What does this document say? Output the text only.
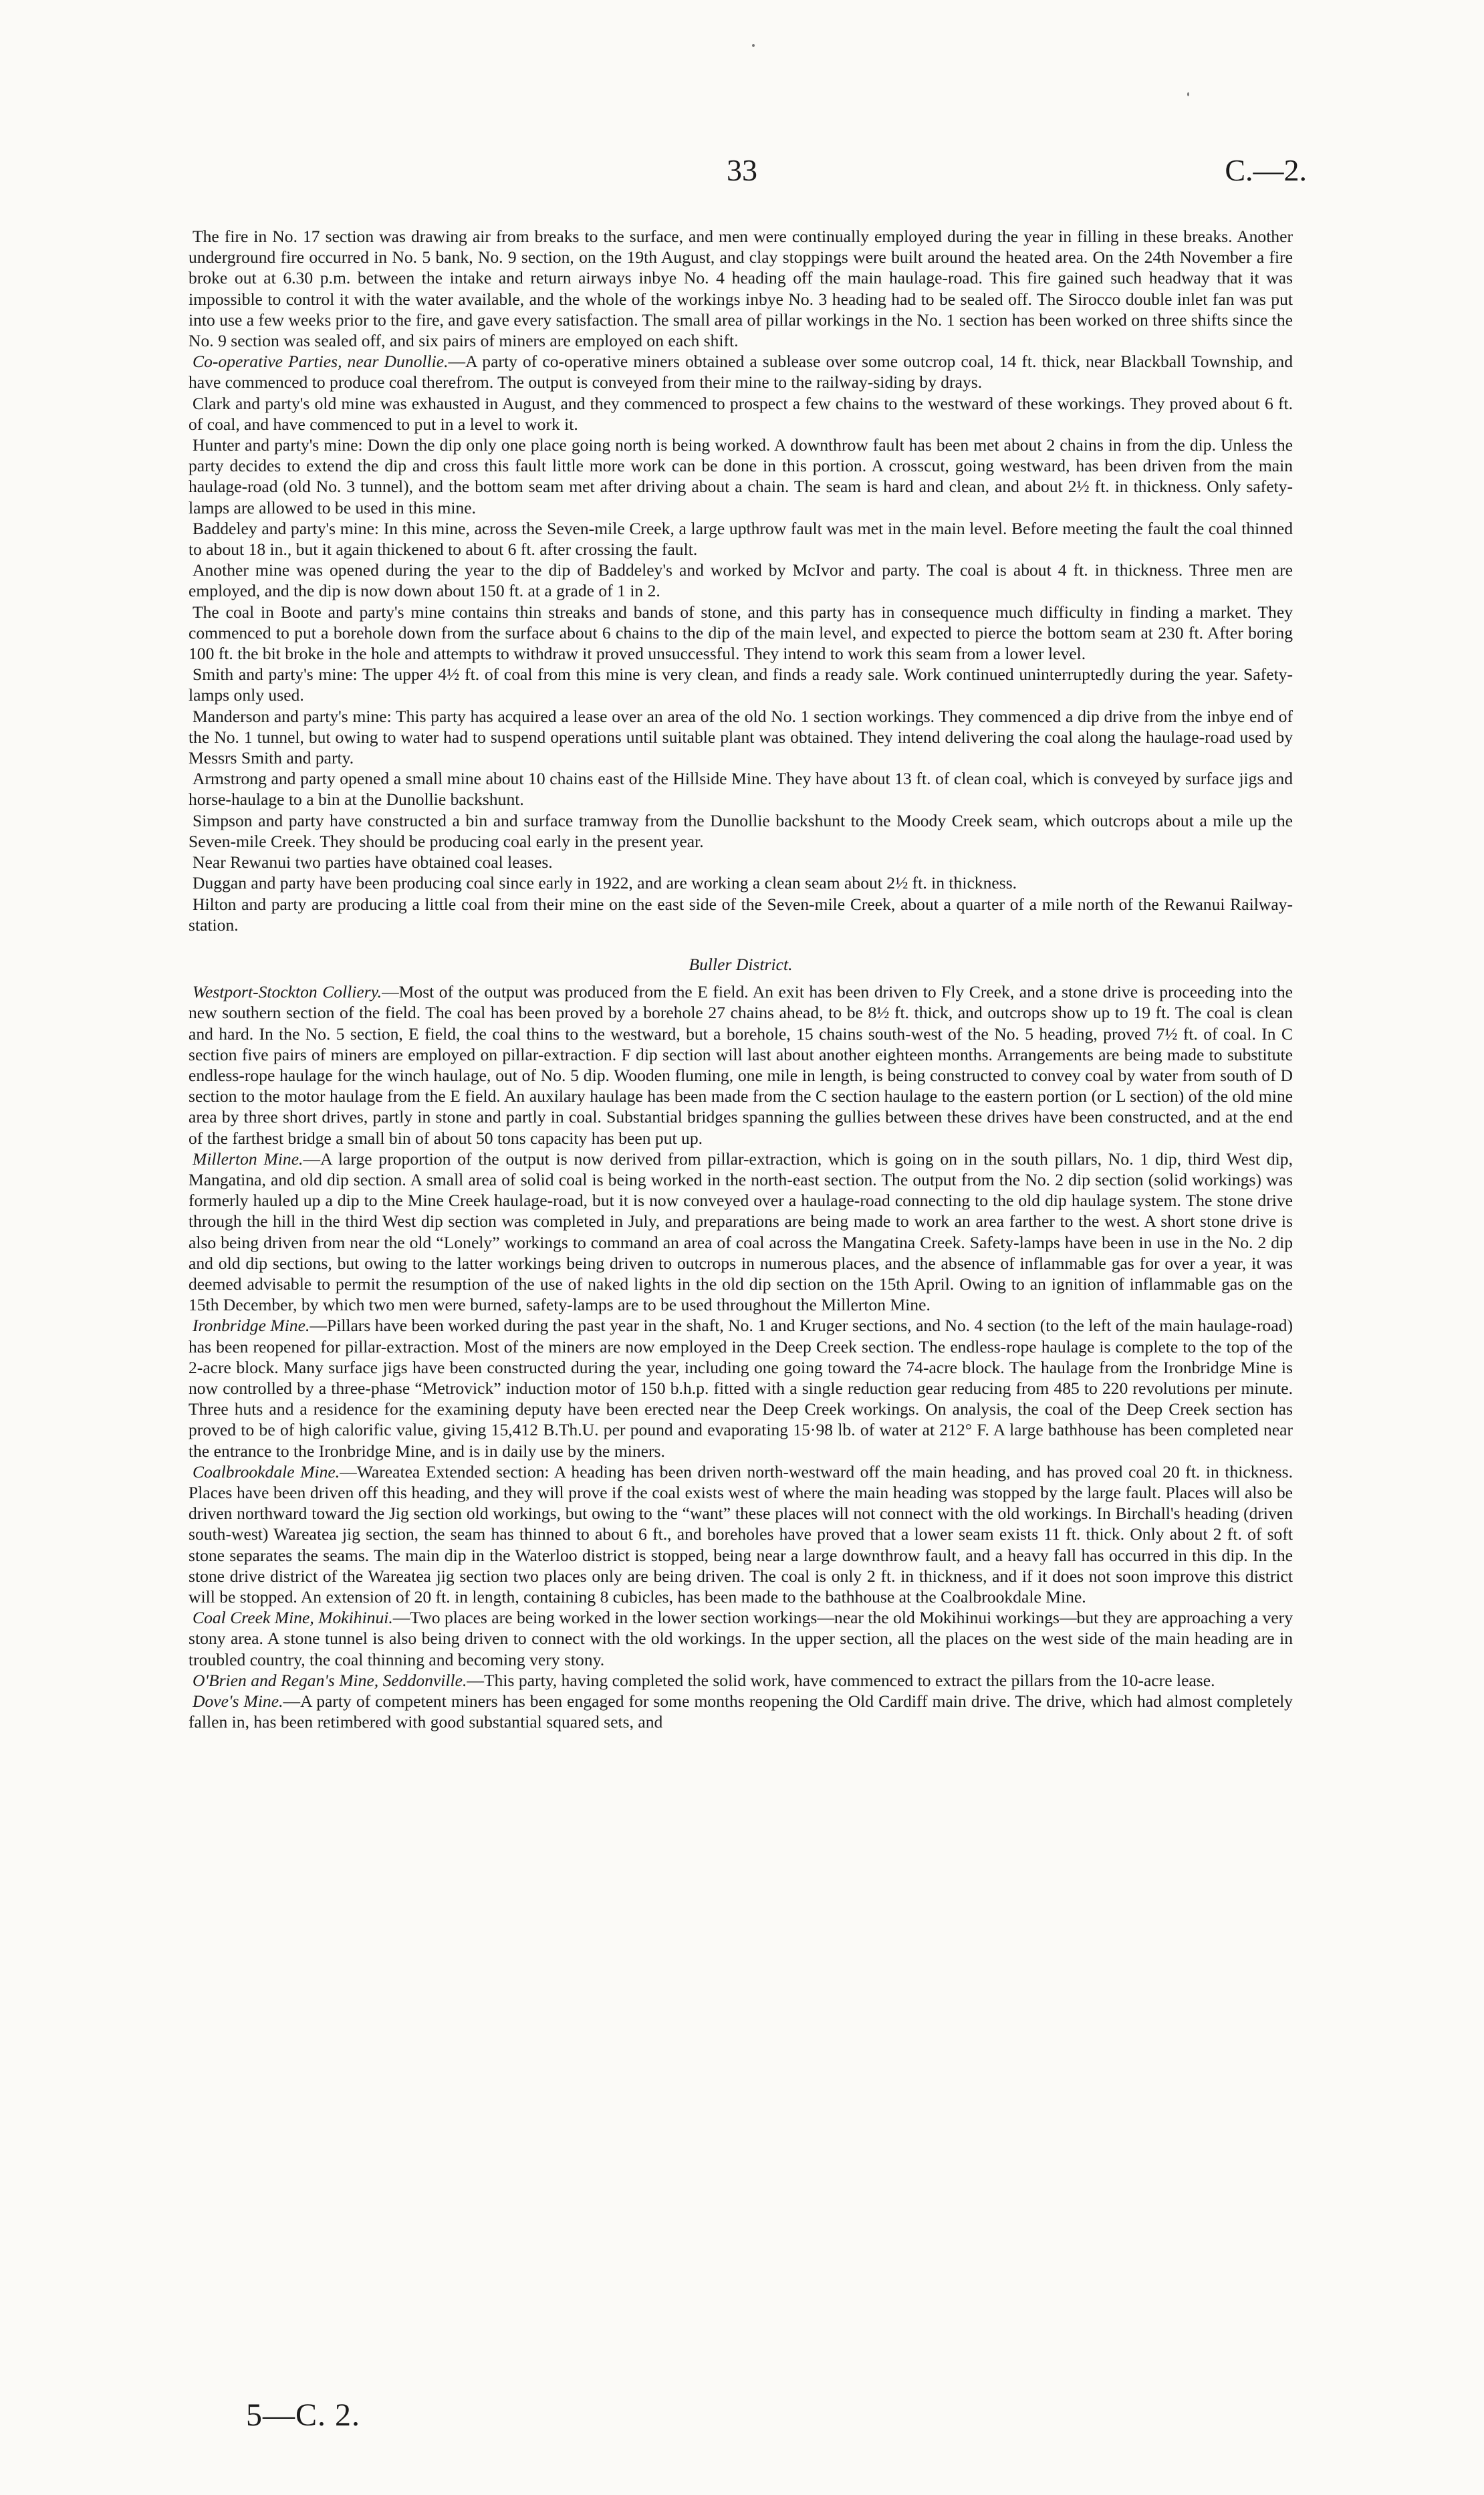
33	C.—2.

The fire in No. 17 section was drawing air from breaks to the surface, and men were continually employed during the year in filling in these breaks. Another underground fire occurred in No. 5 bank, No. 9 section, on the 19th August, and clay stoppings were built around the heated area. On the 24th November a fire broke out at 6.30 p.m. between the intake and return airways inbye No. 4 heading off the main haulage-road. This fire gained such headway that it was impossible to control it with the water available, and the whole of the workings inbye No. 3 heading had to be sealed off. The Sirocco double inlet fan was put into use a few weeks prior to the fire, and gave every satisfaction. The small area of pillar workings in the No. 1 section has been worked on three shifts since the No. 9 section was sealed off, and six pairs of miners are employed on each shift.

Co-operative Parties, near Dunollie.—A party of co-operative miners obtained a sublease over some outcrop coal, 14 ft. thick, near Blackball Township, and have commenced to produce coal therefrom. The output is conveyed from their mine to the railway-siding by drays.

Clark and party's old mine was exhausted in August, and they commenced to prospect a few chains to the westward of these workings. They proved about 6 ft. of coal, and have commenced to put in a level to work it.

Hunter and party's mine: Down the dip only one place going north is being worked. A downthrow fault has been met about 2 chains in from the dip. Unless the party decides to extend the dip and cross this fault little more work can be done in this portion. A crosscut, going westward, has been driven from the main haulage-road (old No. 3 tunnel), and the bottom seam met after driving about a chain. The seam is hard and clean, and about 2½ ft. in thickness. Only safety-lamps are allowed to be used in this mine.

Baddeley and party's mine: In this mine, across the Seven-mile Creek, a large upthrow fault was met in the main level. Before meeting the fault the coal thinned to about 18 in., but it again thickened to about 6 ft. after crossing the fault.

Another mine was opened during the year to the dip of Baddeley's and worked by McIvor and party. The coal is about 4 ft. in thickness. Three men are employed, and the dip is now down about 150 ft. at a grade of 1 in 2.

The coal in Boote and party's mine contains thin streaks and bands of stone, and this party has in consequence much difficulty in finding a market. They commenced to put a borehole down from the surface about 6 chains to the dip of the main level, and expected to pierce the bottom seam at 230 ft. After boring 100 ft. the bit broke in the hole and attempts to withdraw it proved unsuccessful. They intend to work this seam from a lower level.

Smith and party's mine: The upper 4½ ft. of coal from this mine is very clean, and finds a ready sale. Work continued uninterruptedly during the year. Safety-lamps only used.

Manderson and party's mine: This party has acquired a lease over an area of the old No. 1 section workings. They commenced a dip drive from the inbye end of the No. 1 tunnel, but owing to water had to suspend operations until suitable plant was obtained. They intend delivering the coal along the haulage-road used by Messrs Smith and party.

Armstrong and party opened a small mine about 10 chains east of the Hillside Mine. They have about 13 ft. of clean coal, which is conveyed by surface jigs and horse-haulage to a bin at the Dunollie backshunt.

Simpson and party have constructed a bin and surface tramway from the Dunollie backshunt to the Moody Creek seam, which outcrops about a mile up the Seven-mile Creek. They should be producing coal early in the present year.

Near Rewanui two parties have obtained coal leases.

Duggan and party have been producing coal since early in 1922, and are working a clean seam about 2½ ft. in thickness.

Hilton and party are producing a little coal from their mine on the east side of the Seven-mile Creek, about a quarter of a mile north of the Rewanui Railway-station.

Buller District.

Westport-Stockton Colliery.—Most of the output was produced from the E field. An exit has been driven to Fly Creek, and a stone drive is proceeding into the new southern section of the field. The coal has been proved by a borehole 27 chains ahead, to be 8½ ft. thick, and outcrops show up to 19 ft. The coal is clean and hard. In the No. 5 section, E field, the coal thins to the westward, but a borehole, 15 chains south-west of the No. 5 heading, proved 7½ ft. of coal. In C section five pairs of miners are employed on pillar-extraction. F dip section will last about another eighteen months. Arrangements are being made to substitute endless-rope haulage for the winch haulage, out of No. 5 dip. Wooden fluming, one mile in length, is being constructed to convey coal by water from south of D section to the motor haulage from the E field. An auxilary haulage has been made from the C section haulage to the eastern portion (or L section) of the old mine area by three short drives, partly in stone and partly in coal. Substantial bridges spanning the gullies between these drives have been constructed, and at the end of the farthest bridge a small bin of about 50 tons capacity has been put up.

Millerton Mine.—A large proportion of the output is now derived from pillar-extraction, which is going on in the south pillars, No. 1 dip, third West dip, Mangatina, and old dip section. A small area of solid coal is being worked in the north-east section. The output from the No. 2 dip section (solid workings) was formerly hauled up a dip to the Mine Creek haulage-road, but it is now conveyed over a haulage-road connecting to the old dip haulage system. The stone drive through the hill in the third West dip section was completed in July, and preparations are being made to work an area farther to the west. A short stone drive is also being driven from near the old “Lonely” workings to command an area of coal across the Mangatina Creek. Safety-lamps have been in use in the No. 2 dip and old dip sections, but owing to the latter workings being driven to outcrops in numerous places, and the absence of inflammable gas for over a year, it was deemed advisable to permit the resumption of the use of naked lights in the old dip section on the 15th April. Owing to an ignition of inflammable gas on the 15th December, by which two men were burned, safety-lamps are to be used throughout the Millerton Mine.

Ironbridge Mine.—Pillars have been worked during the past year in the shaft, No. 1 and Kruger sections, and No. 4 section (to the left of the main haulage-road) has been reopened for pillar-extraction. Most of the miners are now employed in the Deep Creek section. The endless-rope haulage is complete to the top of the 2-acre block. Many surface jigs have been constructed during the year, including one going toward the 74-acre block. The haulage from the Ironbridge Mine is now controlled by a three-phase “Metrovick” induction motor of 150 b.h.p. fitted with a single reduction gear reducing from 485 to 220 revolutions per minute. Three huts and a residence for the examining deputy have been erected near the Deep Creek workings. On analysis, the coal of the Deep Creek section has proved to be of high calorific value, giving 15,412 B.Th.U. per pound and evaporating 15·98 lb. of water at 212° F. A large bathhouse has been completed near the entrance to the Ironbridge Mine, and is in daily use by the miners.

Coalbrookdale Mine.—Wareatea Extended section: A heading has been driven north-westward off the main heading, and has proved coal 20 ft. in thickness. Places have been driven off this heading, and they will prove if the coal exists west of where the main heading was stopped by the large fault. Places will also be driven northward toward the Jig section old workings, but owing to the “want” these places will not connect with the old workings. In Birchall's heading (driven south-west) Wareatea jig section, the seam has thinned to about 6 ft., and boreholes have proved that a lower seam exists 11 ft. thick. Only about 2 ft. of soft stone separates the seams. The main dip in the Waterloo district is stopped, being near a large downthrow fault, and a heavy fall has occurred in this dip. In the stone drive district of the Wareatea jig section two places only are being driven. The coal is only 2 ft. in thickness, and if it does not soon improve this district will be stopped. An extension of 20 ft. in length, containing 8 cubicles, has been made to the bathhouse at the Coalbrookdale Mine.

Coal Creek Mine, Mokihinui.—Two places are being worked in the lower section workings—near the old Mokihinui workings—but they are approaching a very stony area. A stone tunnel is also being driven to connect with the old workings. In the upper section, all the places on the west side of the main heading are in troubled country, the coal thinning and becoming very stony.

O'Brien and Regan's Mine, Seddonville.—This party, having completed the solid work, have commenced to extract the pillars from the 10-acre lease.

Dove's Mine.—A party of competent miners has been engaged for some months reopening the Old Cardiff main drive. The drive, which had almost completely fallen in, has been retimbered with good substantial squared sets, and

5—C. 2.
